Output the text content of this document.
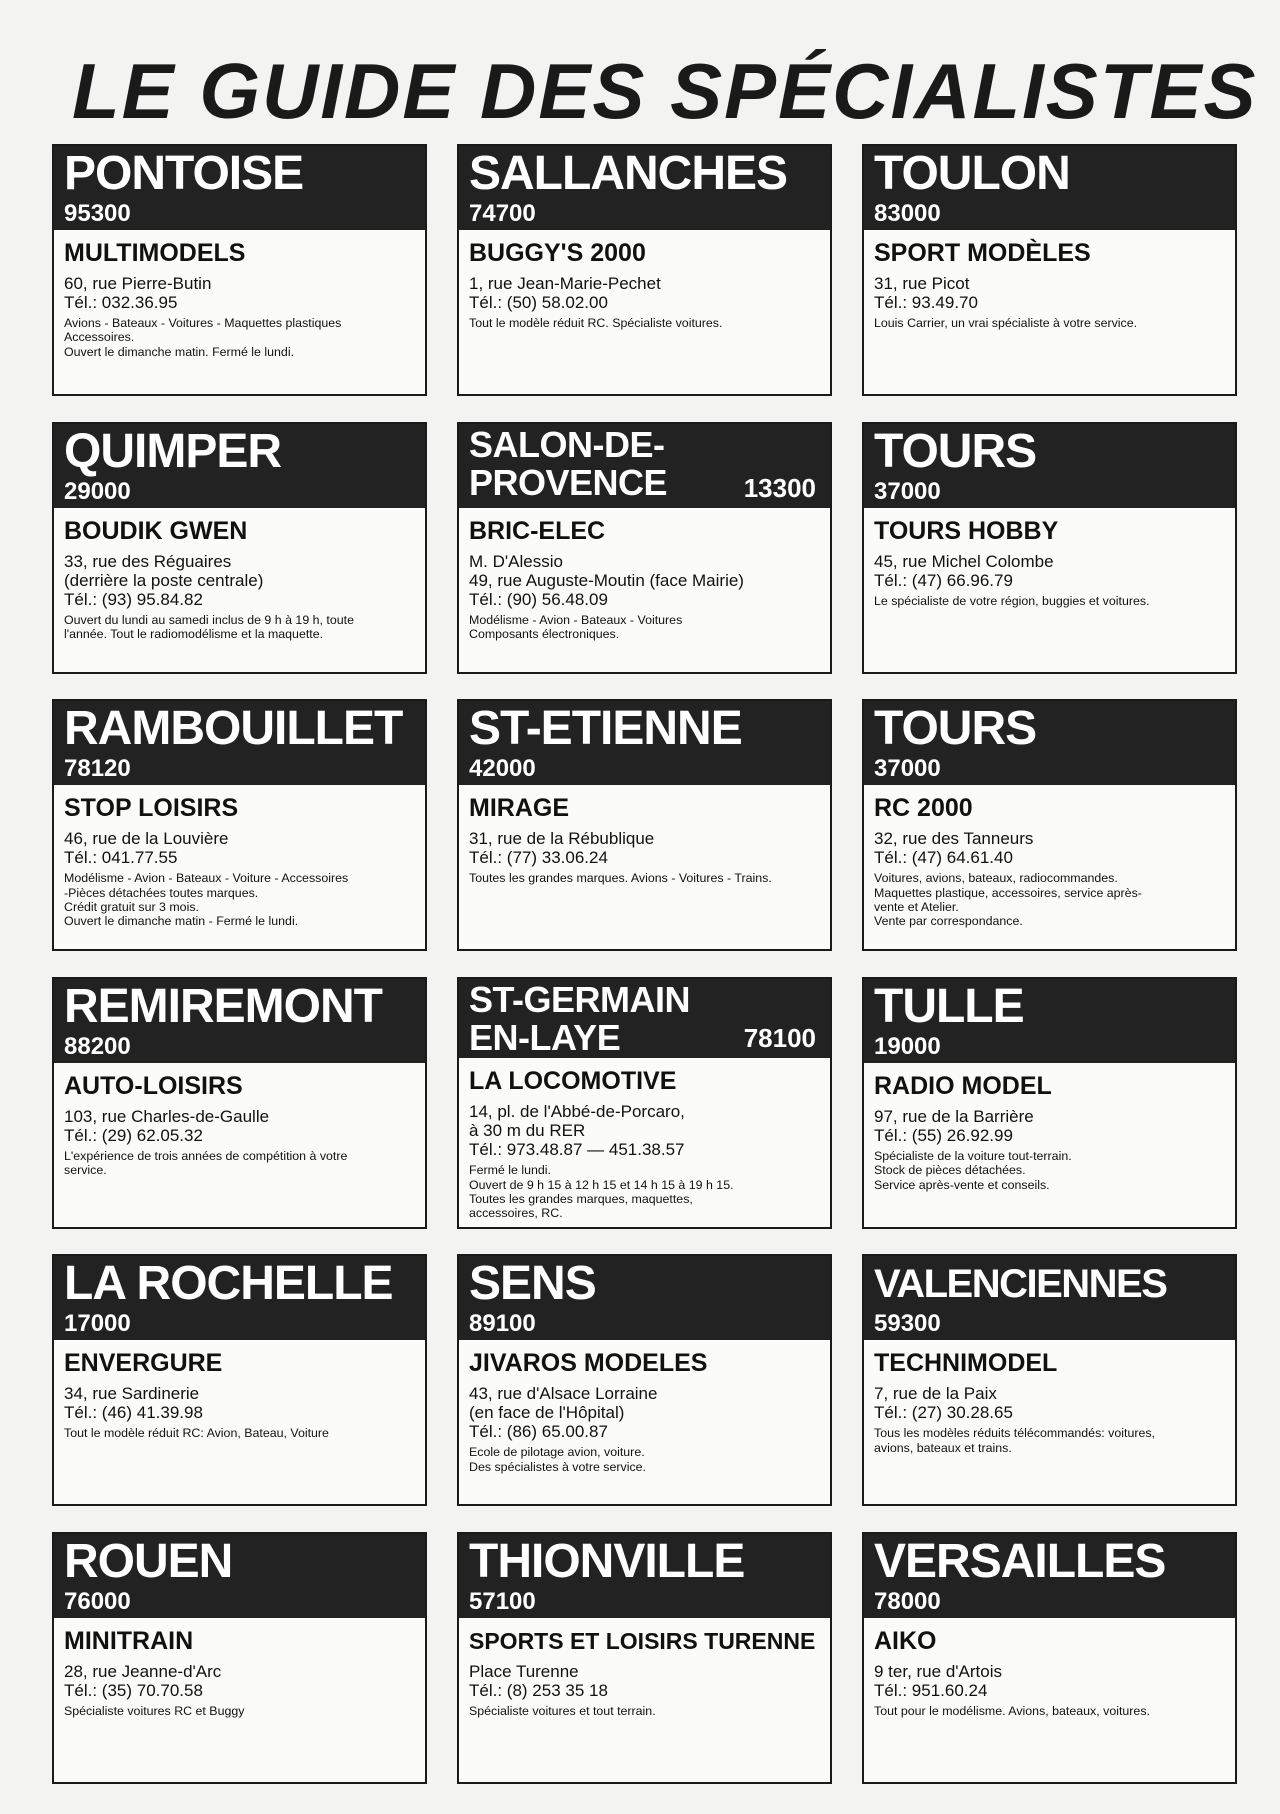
LE GUIDE DES SPÉCIALISTES
PONTOISE
95300
MULTIMODELS
60, rue Pierre-Butin
Tél.: 032.36.95
Avions - Bateaux - Voitures - Maquettes plastiques
Accessoires.
Ouvert le dimanche matin. Fermé le lundi.
SALLANCHES
74700
BUGGY'S 2000
1, rue Jean-Marie-Pechet
Tél.: (50) 58.02.00
Tout le modèle réduit RC. Spécialiste voitures.
TOULON
83000
SPORT MODÈLES
31, rue Picot
Tél.: 93.49.70
Louis Carrier, un vrai spécialiste à votre service.
QUIMPER
29000
BOUDIK GWEN
33, rue des Réguaires
(derrière la poste centrale)
Tél.: (93) 95.84.82
Ouvert du lundi au samedi inclus de 9 h à 19 h, toute
l'année. Tout le radiomodélisme et la maquette.
SALON-DE-
PROVENCE	13300
BRIC-ELEC
M. D'Alessio
49, rue Auguste-Moutin (face Mairie)
Tél.: (90) 56.48.09
Modélisme - Avion - Bateaux - Voitures
Composants électroniques.
TOURS
37000
TOURS HOBBY
45, rue Michel Colombe
Tél.: (47) 66.96.79
Le spécialiste de votre région, buggies et voitures.
RAMBOUILLET
78120
STOP LOISIRS
46, rue de la Louvière
Tél.: 041.77.55
Modélisme - Avion - Bateaux - Voiture - Accessoires
-Pièces détachées toutes marques.
Crédit gratuit sur 3 mois.
Ouvert le dimanche matin - Fermé le lundi.
ST-ETIENNE
42000
MIRAGE
31, rue de la Rébublique
Tél.: (77) 33.06.24
Toutes les grandes marques. Avions - Voitures - Trains.
TOURS
37000
RC 2000
32, rue des Tanneurs
Tél.: (47) 64.61.40
Voitures, avions, bateaux, radiocommandes.
Maquettes plastique, accessoires, service après-
vente et Atelier.
Vente par correspondance.
REMIREMONT
88200
AUTO-LOISIRS
103, rue Charles-de-Gaulle
Tél.: (29) 62.05.32
L'expérience de trois années de compétition à votre
service.
ST-GERMAIN
EN-LAYE	78100
LA LOCOMOTIVE
14, pl. de l'Abbé-de-Porcaro,
à 30 m du RER
Tél.: 973.48.87 — 451.38.57
Fermé le lundi.
Ouvert de 9 h 15 à 12 h 15 et 14 h 15 à 19 h 15.
Toutes les grandes marques, maquettes,
accessoires, RC.
TULLE
19000
RADIO MODEL
97, rue de la Barrière
Tél.: (55) 26.92.99
Spécialiste de la voiture tout-terrain.
Stock de pièces détachées.
Service après-vente et conseils.
LA ROCHELLE
17000
ENVERGURE
34, rue Sardinerie
Tél.: (46) 41.39.98
Tout le modèle réduit RC: Avion, Bateau, Voiture
SENS
89100
JIVAROS MODELES
43, rue d'Alsace Lorraine
(en face de l'Hôpital)
Tél.: (86) 65.00.87
Ecole de pilotage avion, voiture.
Des spécialistes à votre service.
VALENCIENNES
59300
TECHNIMODEL
7, rue de la Paix
Tél.: (27) 30.28.65
Tous les modèles réduits télécommandés: voitures,
avions, bateaux et trains.
ROUEN
76000
MINITRAIN
28, rue Jeanne-d'Arc
Tél.: (35) 70.70.58
Spécialiste voitures RC et Buggy
THIONVILLE
57100
SPORTS ET LOISIRS TURENNE
Place Turenne
Tél.: (8) 253 35 18
Spécialiste voitures et tout terrain.
VERSAILLES
78000
AIKO
9 ter, rue d'Artois
Tél.: 951.60.24
Tout pour le modélisme. Avions, bateaux, voitures.
